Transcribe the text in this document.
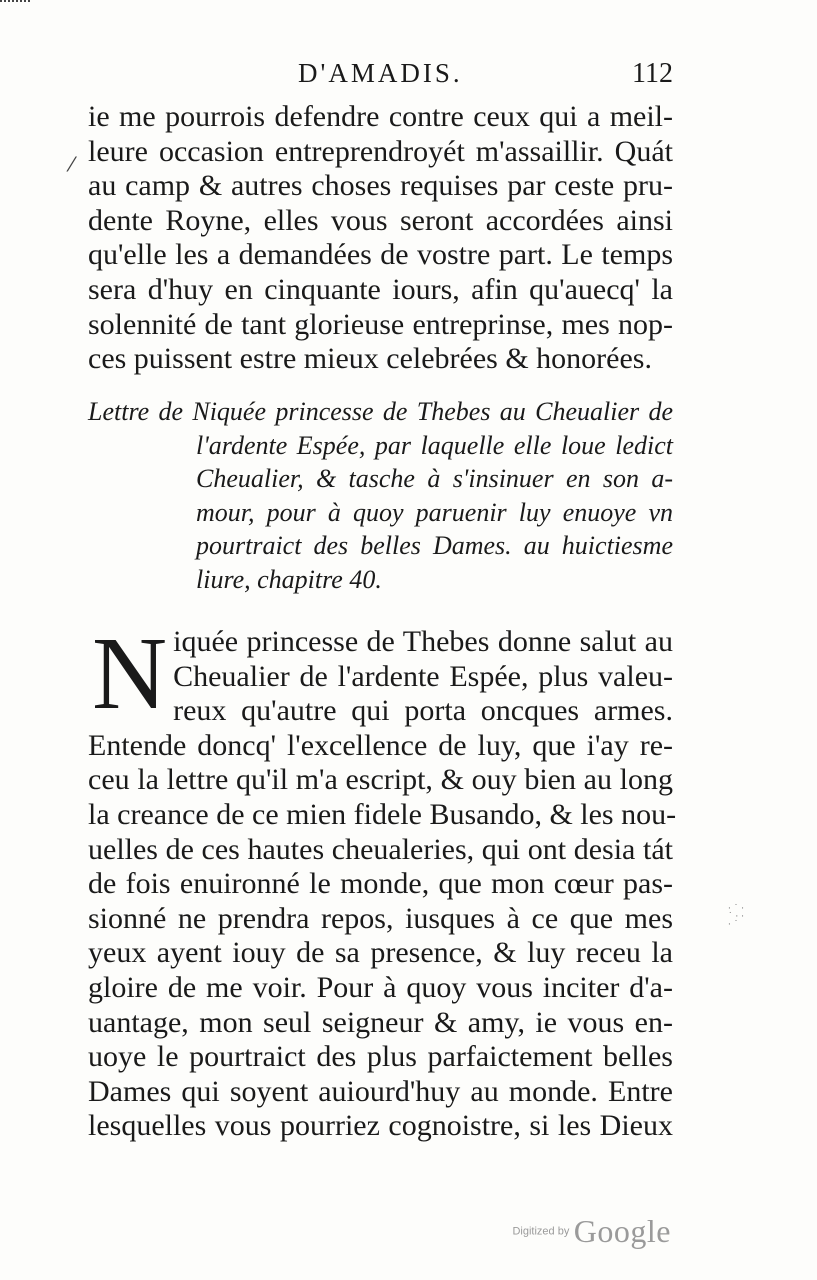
D'AMADIS.	112
⁄
ie me pourrois defendre contre ceux qui a meil-
leure occasion entreprendroyét m'assaillir. Quát
au camp & autres choses requises par ceste pru-
dente Royne, elles vous seront accordées ainsi
qu'elle les a demandées de vostre part. Le temps
sera d'huy en cinquante iours, afin qu'auecq' la
solennité de tant glorieuse entreprinse, mes nop-
ces puissent estre mieux celebrées & honorées.
Lettre de Niquée princesse de Thebes au Cheualier de
l'ardente Espée, par laquelle elle loue ledict
Cheualier, & tasche à s'insinuer en son a-
mour, pour à quoy paruenir luy enuoye vn
pourtraict des belles Dames. au huictiesme
liure, chapitre 40.
N iquée princesse de Thebes donne salut au
Cheualier de l'ardente Espée, plus valeu-
reux qu'autre qui porta oncques armes.
Entende doncq' l'excellence de luy, que i'ay re-
ceu la lettre qu'il m'a escript, & ouy bien au long
la creance de ce mien fidele Busando, & les nou-
uelles de ces hautes cheualeries, qui ont desia tát
de fois enuironné le monde, que mon cœur pas-
sionné ne prendra repos, iusques à ce que mes
yeux ayent iouy de sa presence, & luy receu la
gloire de me voir. Pour à quoy vous inciter d'a-
uantage, mon seul seigneur & amy, ie vous en-
uoye le pourtraict des plus parfaictement belles
Dames qui soyent auiourd'huy au monde. Entre
lesquelles vous pourriez cognoistre, si les Dieux
· ˙ ·
˙ · ·
· ˙
Digitized by Google
